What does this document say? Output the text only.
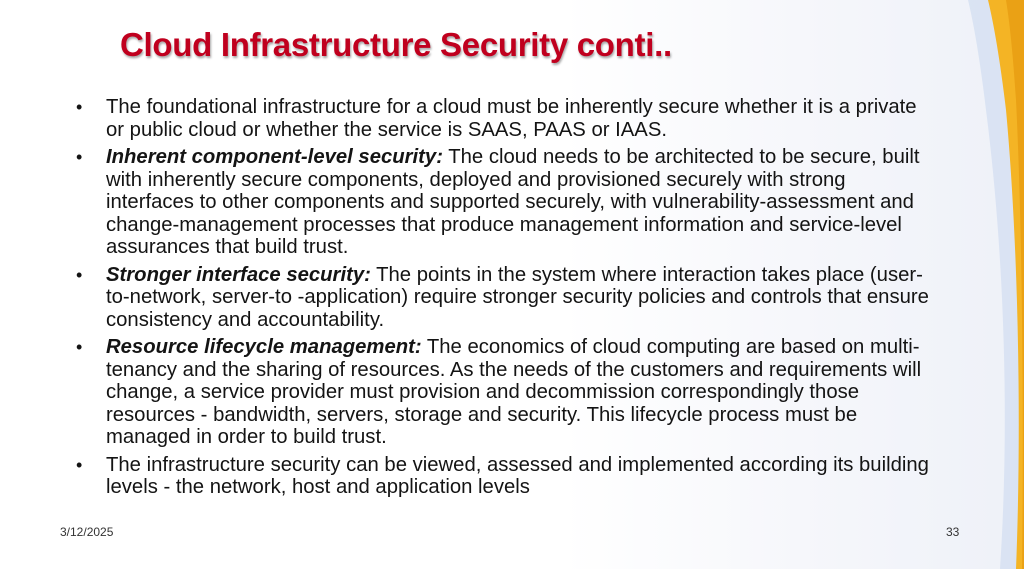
Cloud Infrastructure Security conti..
• The foundational infrastructure for a cloud must be inherently secure whether it is a private or public cloud or whether the service is SAAS, PAAS or IAAS.
• Inherent component-level security: The cloud needs to be architected to be secure, built with inherently secure components, deployed and provisioned securely with strong interfaces to other components and supported securely, with vulnerability-assessment and change-management processes that produce management information and service-level assurances that build trust.
• Stronger interface security: The points in the system where interaction takes place (user-to-network, server-to -application) require stronger security policies and controls that ensure consistency and accountability.
• Resource lifecycle management: The economics of cloud computing are based on multi-tenancy and the sharing of resources. As the needs of the customers and requirements will change, a service provider must provision and decommission correspondingly those resources - bandwidth, servers, storage and security. This lifecycle process must be managed in order to build trust.
• The infrastructure security can be viewed, assessed and implemented according its building levels - the network, host and application levels
3/12/2025	33
